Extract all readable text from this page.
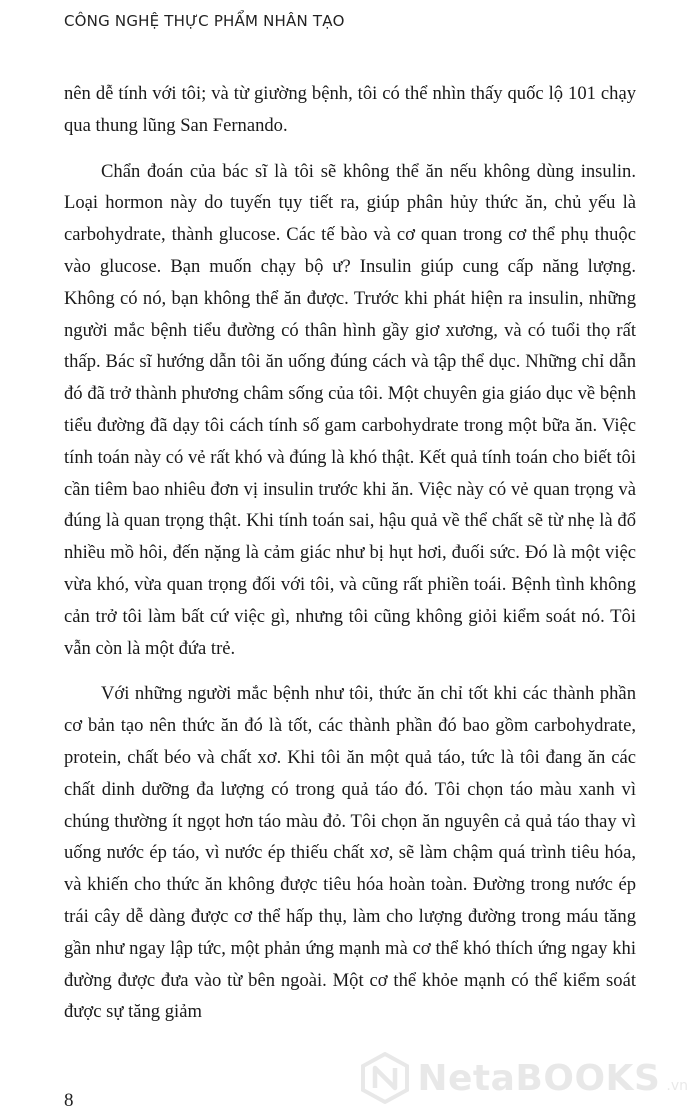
CÔNG NGHỆ THỰC PHẨM NHÂN TẠO

nên dễ tính với tôi; và từ giường bệnh, tôi có thể nhìn thấy quốc lộ 101 chạy qua thung lũng San Fernando.

Chẩn đoán của bác sĩ là tôi sẽ không thể ăn nếu không dùng insulin. Loại hormon này do tuyến tụy tiết ra, giúp phân hủy thức ăn, chủ yếu là carbohydrate, thành glucose. Các tế bào và cơ quan trong cơ thể phụ thuộc vào glucose. Bạn muốn chạy bộ ư? Insulin giúp cung cấp năng lượng. Không có nó, bạn không thể ăn được. Trước khi phát hiện ra insulin, những người mắc bệnh tiểu đường có thân hình gầy giơ xương, và có tuổi thọ rất thấp. Bác sĩ hướng dẫn tôi ăn uống đúng cách và tập thể dục. Những chỉ dẫn đó đã trở thành phương châm sống của tôi. Một chuyên gia giáo dục về bệnh tiểu đường đã dạy tôi cách tính số gam carbohydrate trong một bữa ăn. Việc tính toán này có vẻ rất khó và đúng là khó thật. Kết quả tính toán cho biết tôi cần tiêm bao nhiêu đơn vị insulin trước khi ăn. Việc này có vẻ quan trọng và đúng là quan trọng thật. Khi tính toán sai, hậu quả về thể chất sẽ từ nhẹ là đổ nhiều mồ hôi, đến nặng là cảm giác như bị hụt hơi, đuối sức. Đó là một việc vừa khó, vừa quan trọng đối với tôi, và cũng rất phiền toái. Bệnh tình không cản trở tôi làm bất cứ việc gì, nhưng tôi cũng không giỏi kiểm soát nó. Tôi vẫn còn là một đứa trẻ.

Với những người mắc bệnh như tôi, thức ăn chỉ tốt khi các thành phần cơ bản tạo nên thức ăn đó là tốt, các thành phần đó bao gồm carbohydrate, protein, chất béo và chất xơ. Khi tôi ăn một quả táo, tức là tôi đang ăn các chất dinh dưỡng đa lượng có trong quả táo đó. Tôi chọn táo màu xanh vì chúng thường ít ngọt hơn táo màu đỏ. Tôi chọn ăn nguyên cả quả táo thay vì uống nước ép táo, vì nước ép thiếu chất xơ, sẽ làm chậm quá trình tiêu hóa, và khiến cho thức ăn không được tiêu hóa hoàn toàn. Đường trong nước ép trái cây dễ dàng được cơ thể hấp thụ, làm cho lượng đường trong máu tăng gần như ngay lập tức, một phản ứng mạnh mà cơ thể khó thích ứng ngay khi đường được đưa vào từ bên ngoài. Một cơ thể khỏe mạnh có thể kiểm soát được sự tăng giảm

8
NetaBOOKS .vn
